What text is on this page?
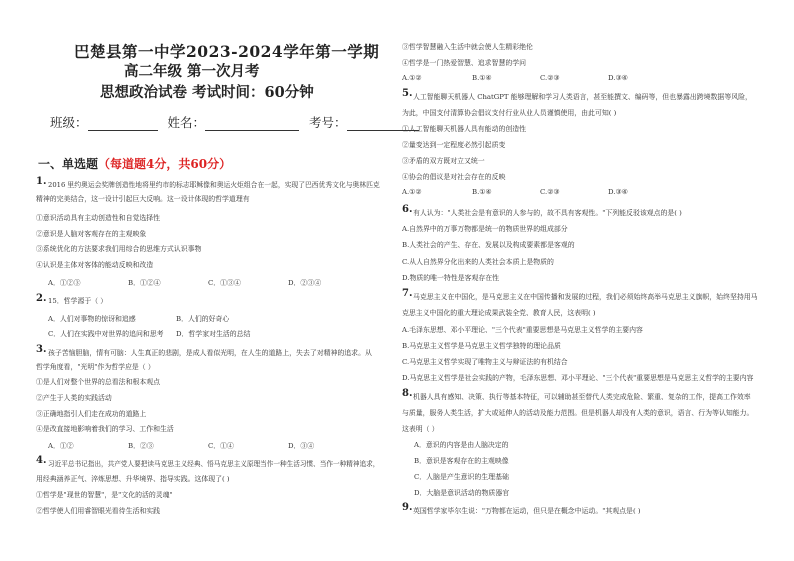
巴楚县第一中学2023-2024学年第一学期
高二年级 第一次月考
思想政治试卷 考试时间：60分钟
班级：	姓名：	考号：
一、单选题（每道题4分，共60分）
1. 2016 里约奥运会奖牌创造性地将里约市的标志耶稣像和奥运火炬组合在一起，实现了巴西优秀文化与奥林匹克
精神的完美结合，这一设计引起巨大反响。这一设计体现的哲学道理有
①意识活动具有主动创造性和自觉选择性
②意识是人脑对客观存在的主观映象
③系统优化的方法要求我们用综合的思维方式认识事物
④认识是主体对客体的能动反映和改造
A．①②③	B．①②④	C．①③④	D．②③④
2. 15．哲学源于（ ）
A．人们对事物的惊讶和追感	B．人们的好奇心
C．人们在实践中对世界的追问和思考 D．哲学家对生活的总结
3. 孩子苦恼胆脑，情有可脑：人生真正的悲剧，是成人看似光明，在人生的道路上，失去了对精神的追求。从
哲学角度看，"光明"作为哲学应是（ ）
①是人们对整个世界的总看法和根本观点
②产生于人类的实践活动
③正确地指引人们走在成功的道路上
④是改直接地影响着我们的学习、工作和生活
A．①②	B．②③	C．①④	D．③④
4. 习近平总书记指出，共产党人要把读马克思主义经典、悟马克思主义原理当作一种生活习惯、当作一种精神追求，
用经典涵养正气、淬炼思想、升华境界、指导实践。这体现了( )
①哲学是"现世的智慧"，是"文化的活的灵魂"
②哲学使人们用睿智眼光看待生活和实践
③哲学智慧融入生活中就会使人生精彩绝伦
④哲学是一门热爱智慧、追求智慧的学问
A.①②	B.①④	C.②③	D.③④
5. 人工智能聊天机器人 ChatGPT 能够理解和学习人类语言，甚至能撰文、编码等，但也暴露出跨境数据等风险，
为此，中国支付清算协会倡议支付行业从业人员谨慎使用，由此可知( )
①人工智能聊天机器人具有能动的创造性
②量变达到一定程度必然引起质变
③矛盾的双方既对立又统一
④协会的倡议是对社会存在的反映
A.①②	B.①④	C.②③	D.③④
6. 有人认为："人类社会是有意识的人参与的，故不具有客观性。"下列能反驳该观点的是( )
A.自然界中的万事万物都是统一的物质世界的组成部分
B.人类社会的产生、存在、发展以及构成要素都是客观的
C.从人自然界分化出来的人类社会本质上是物质的
D.物质的唯一特性是客观存在性
7. 马克思主义在中国化，是马克思主义在中国传播和发展的过程，我们必须始终高举马克思主义旗帜，始终坚持用马
克思主义中国化的重大理论成果武装全党、教育人民，这表明( )
A.毛泽东思想、邓小平理论、"三个代表"重要思想是马克思主义哲学的主要内容
B.马克思主义哲学是马克思主义哲学独特的理论品质
C.马克思主义哲学实现了唯物主义与辩证法的有机结合
D.马克思主义哲学是社会实践的产物，毛泽东思想、邓小平理论、"三个代表"重要思想是马克思主义哲学的主要内容
8. 机器人具有感知、决策、执行等基本特征，可以辅助甚至替代人类完成危险、繁重、复杂的工作，提高工作效率
与质量，服务人类生活，扩大或延伸人的活动及能力范围。但是机器人却没有人类的意识，语言、行为等认知能力。
这表明（ ）
A．意识的内容是由人脑决定的
B．意识是客观存在的主观映像
C．人脑是产生意识的生理基础
D．大脑是意识活动的物质器官
9. 英国哲学家毕尔生说："万物都在运动，但只是在概念中运动。"其观点是( )
